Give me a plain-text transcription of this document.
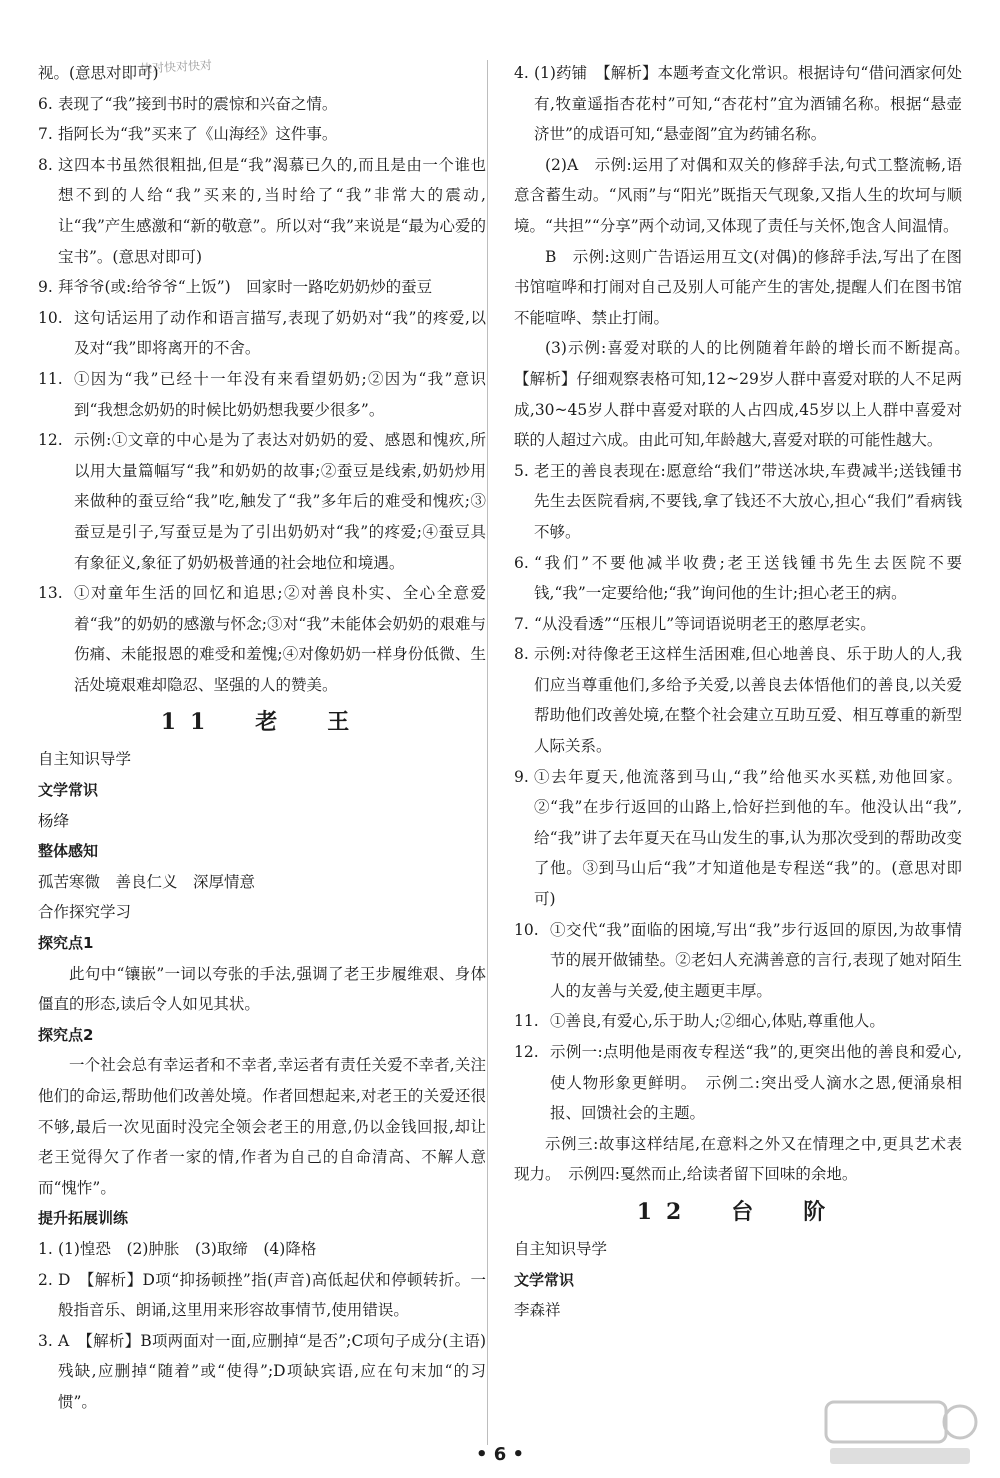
快对快对快对
视。(意思对即可)
6. 表现了“我”接到书时的震惊和兴奋之情。
7. 指阿长为“我”买来了《山海经》这件事。
8. 这四本书虽然很粗拙,但是“我”渴慕已久的,而且是由一个谁也想不到的人给“我”买来的,当时给了“我”非常大的震动,让“我”产生感激和“新的敬意”。所以对“我”来说是“最为心爱的宝书”。(意思对即可)
9. 拜爷爷(或:给爷爷“上饭”)　回家时一路吃奶奶炒的蚕豆
10. 这句话运用了动作和语言描写,表现了奶奶对“我”的疼爱,以及对“我”即将离开的不舍。
11. ①因为“我”已经十一年没有来看望奶奶;②因为“我”意识到“我想念奶奶的时候比奶奶想我要少很多”。
12. 示例:①文章的中心是为了表达对奶奶的爱、感恩和愧疚,所以用大量篇幅写“我”和奶奶的故事;②蚕豆是线索,奶奶炒用来做种的蚕豆给“我”吃,触发了“我”多年后的难受和愧疚;③蚕豆是引子,写蚕豆是为了引出奶奶对“我”的疼爱;④蚕豆具有象征义,象征了奶奶极普通的社会地位和境遇。
13. ①对童年生活的回忆和追思;②对善良朴实、全心全意爱着“我”的奶奶的感激与怀念;③对“我”未能体会奶奶的艰难与伤痛、未能报恩的难受和羞愧;④对像奶奶一样身份低微、生活处境艰难却隐忍、坚强的人的赞美。
11　老　王
自主知识导学
文学常识
杨绛
整体感知
孤苦寒微　善良仁义　深厚情意
合作探究学习
探究点1
此句中“镶嵌”一词以夸张的手法,强调了老王步履维艰、身体僵直的形态,读后令人如见其状。
探究点2
一个社会总有幸运者和不幸者,幸运者有责任关爱不幸者,关注他们的命运,帮助他们改善处境。作者回想起来,对老王的关爱还很不够,最后一次见面时没完全领会老王的用意,仍以金钱回报,却让老王觉得欠了作者一家的情,作者为自己的自命清高、不解人意而“愧怍”。
提升拓展训练
1. (1)惶恐　(2)肿胀　(3)取缔　(4)降格
2. D　【解析】D项“抑扬顿挫”指(声音)高低起伏和停顿转折。一般指音乐、朗诵,这里用来形容故事情节,使用错误。
3. A　【解析】B项两面对一面,应删掉“是否”;C项句子成分(主语)残缺,应删掉“随着”或“使得”;D项缺宾语,应在句末加“的习惯”。
4. (1)药铺　【解析】本题考查文化常识。根据诗句“借问酒家何处有,牧童遥指杏花村”可知,“杏花村”宜为酒铺名称。根据“悬壶济世”的成语可知,“悬壶阁”宜为药铺名称。
(2)A　示例:运用了对偶和双关的修辞手法,句式工整流畅,语意含蓄生动。“风雨”与“阳光”既指天气现象,又指人生的坎坷与顺境。“共担”“分享”两个动词,又体现了责任与关怀,饱含人间温情。
B　示例:这则广告语运用互文(对偶)的修辞手法,写出了在图书馆喧哗和打闹对自己及别人可能产生的害处,提醒人们在图书馆不能喧哗、禁止打闹。
(3)示例:喜爱对联的人的比例随着年龄的增长而不断提高。　【解析】仔细观察表格可知,12~29岁人群中喜爱对联的人不足两成,30~45岁人群中喜爱对联的人占四成,45岁以上人群中喜爱对联的人超过六成。由此可知,年龄越大,喜爱对联的可能性越大。
5. 老王的善良表现在:愿意给“我们”带送冰块,车费减半;送钱锺书先生去医院看病,不要钱,拿了钱还不大放心,担心“我们”看病钱不够。
6. “我们”不要他减半收费;老王送钱锺书先生去医院不要钱,“我”一定要给他;“我”询问他的生计;担心老王的病。
7. “从没看透”“压根儿”等词语说明老王的憨厚老实。
8. 示例:对待像老王这样生活困难,但心地善良、乐于助人的人,我们应当尊重他们,多给予关爱,以善良去体悟他们的善良,以关爱帮助他们改善处境,在整个社会建立互助互爱、相互尊重的新型人际关系。
9. ①去年夏天,他流落到马山,“我”给他买水买糕,劝他回家。②“我”在步行返回的山路上,恰好拦到他的车。他没认出“我”,给“我”讲了去年夏天在马山发生的事,认为那次受到的帮助改变了他。③到马山后“我”才知道他是专程送“我”的。(意思对即可)
10. ①交代“我”面临的困境,写出“我”步行返回的原因,为故事情节的展开做铺垫。②老妇人充满善意的言行,表现了她对陌生人的友善与关爱,使主题更丰厚。
11. ①善良,有爱心,乐于助人;②细心,体贴,尊重他人。
12. 示例一:点明他是雨夜专程送“我”的,更突出他的善良和爱心,使人物形象更鲜明。　示例二:突出受人滴水之恩,便涌泉相报、回馈社会的主题。
示例三:故事这样结尾,在意料之外又在情理之中,更具艺术表现力。　示例四:戛然而止,给读者留下回味的余地。
12　台　阶
自主知识导学
文学常识
李森祥
• 6 •
